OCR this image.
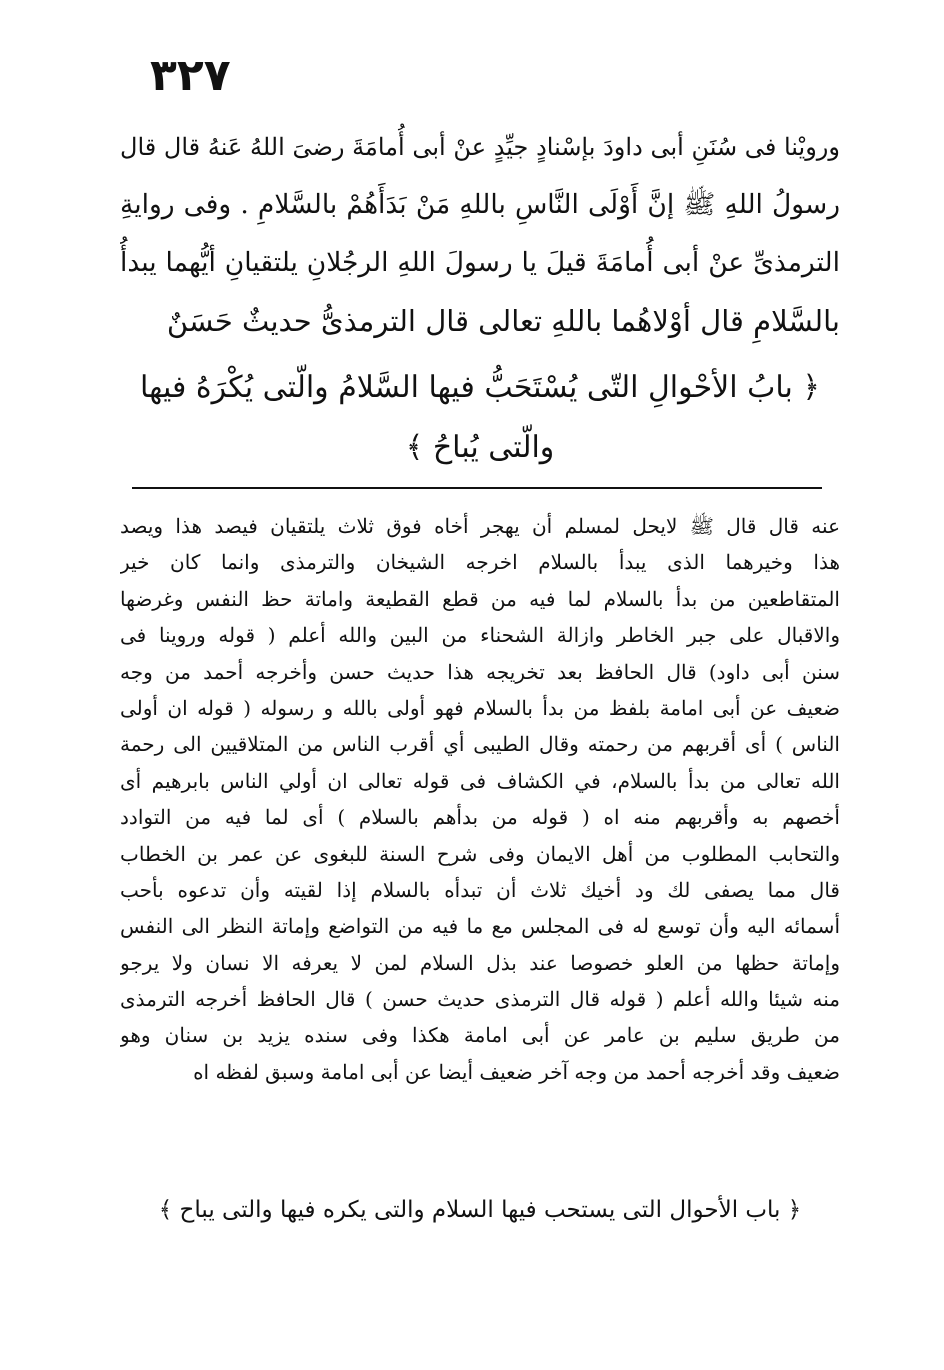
٣٢٧
ورويْنا فى سُنَنِ أبى داودَ بإسْنادٍ جيِّدٍ عنْ أبى أُمامَةَ رضىَ اللهُ عَنهُ قال قال
رسولُ اللهِ ﷺ إنَّ أَوْلَى النَّاسِ باللهِ مَنْ بَدَأَهُمْ بالسَّلامِ . وفى روايةِ
الترمذىِّ عنْ أبى أُمامَةَ قيلَ يا رسولَ اللهِ الرجُلانِ يلتقيانِ أيُّهما يبدأُ
بالسَّلامِ قال أوْلاهُما باللهِ تعالى قال الترمذىُّ حديثٌ حَسَنٌ
﴿ بابُ الأحْوالِ التّى يُسْتَحَبُّ فيها السَّلامُ والّتى يُكْرَهُ فيها
والّتى يُباحُ ﴾
عنه قال قال ﷺ لايحل لمسلم أن يهجر أخاه فوق ثلاث يلتقيان فيصد هذا ويصد
هذا وخيرهما الذى يبدأ بالسلام اخرجه الشيخان والترمذى وانما كان خير
المتقاطعين من بدأ بالسلام لما فيه من قطع القطيعة واماتة حظ النفس وغرضها
والاقبال على جبر الخاطر وازالة الشحناء من البين والله أعلم ( قوله وروينا فى
سنن أبى داود) قال الحافظ بعد تخريجه هذا حديث حسن وأخرجه أحمد من وجه
ضعيف عن أبى امامة بلفظ من بدأ بالسلام فهو أولى بالله و رسوله ( قوله ان أولى
الناس ) أى أقربهم من رحمته وقال الطيبى أي أقرب الناس من المتلاقيين الى رحمة
الله تعالى من بدأ بالسلام، في الكشاف فى قوله تعالى ان أولي الناس بابرهيم أى
أخصهم به وأقربهم منه اه ( قوله من بدأهم بالسلام ) أى لما فيه من التوادد
والتحابب المطلوب من أهل الايمان وفى شرح السنة للبغوى عن عمر بن الخطاب
قال مما يصفى لك ود أخيك ثلاث أن تبدأه بالسلام إذا لقيته وأن تدعوه بأحب
أسمائه اليه وأن توسع له فى المجلس مع ما فيه من التواضع وإماتة النظر الى النفس
وإماتة حظها من العلو خصوصا عند بذل السلام لمن لا يعرفه الا نسان ولا يرجو
منه شيئا والله أعلم ( قوله قال الترمذى حديث حسن ) قال الحافظ أخرجه الترمذى
من طريق سليم بن عامر عن أبى امامة هكذا وفى سنده يزيد بن سنان وهو
ضعيف وقد أخرجه أحمد من وجه آخر ضعيف أيضا عن أبى امامة وسبق لفظه اه
﴿ باب الأحوال التى يستحب فيها السلام والتى يكره فيها والتى يباح ﴾
